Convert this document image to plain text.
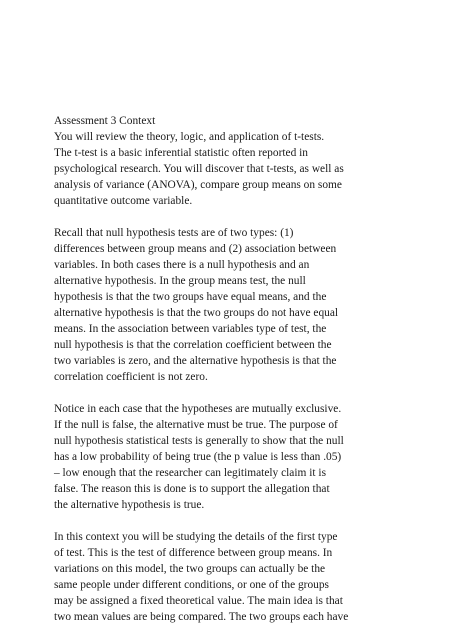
Assessment 3 Context
You will review the theory, logic, and application of t-tests.
The t-test is a basic inferential statistic often reported in
psychological research. You will discover that t-tests, as well as
analysis of variance (ANOVA), compare group means on some
quantitative outcome variable.
Recall that null hypothesis tests are of two types: (1)
differences between group means and (2) association between
variables. In both cases there is a null hypothesis and an
alternative hypothesis. In the group means test, the null
hypothesis is that the two groups have equal means, and the
alternative hypothesis is that the two groups do not have equal
means. In the association between variables type of test, the
null hypothesis is that the correlation coefficient between the
two variables is zero, and the alternative hypothesis is that the
correlation coefficient is not zero.
Notice in each case that the hypotheses are mutually exclusive.
If the null is false, the alternative must be true. The purpose of
null hypothesis statistical tests is generally to show that the null
has a low probability of being true (the p value is less than .05)
– low enough that the researcher can legitimately claim it is
false. The reason this is done is to support the allegation that
the alternative hypothesis is true.
In this context you will be studying the details of the first type
of test. This is the test of difference between group means. In
variations on this model, the two groups can actually be the
same people under different conditions, or one of the groups
may be assigned a fixed theoretical value. The main idea is that
two mean values are being compared. The two groups each have
